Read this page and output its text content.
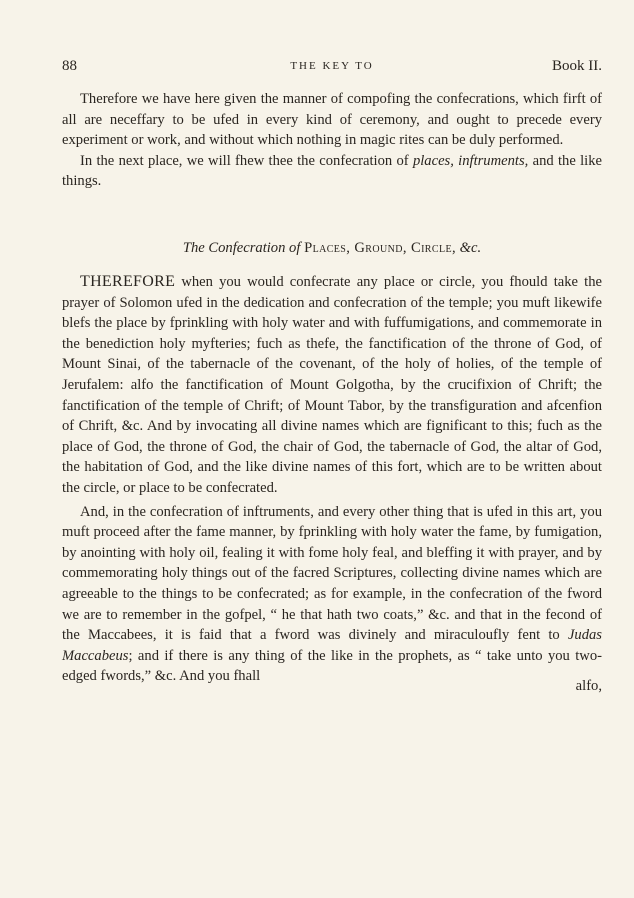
88	THE KEY TO	Book II.

Therefore we have here given the manner of compofing the confecrations, which firft of all are neceffary to be ufed in every kind of ceremony, and ought to precede every experiment or work, and without which nothing in magic rites can be duly performed.

In the next place, we will fhew thee the confecration of places, inftruments, and the like things.

The Confecration of Places, Ground, Circle, &c.

THEREFORE when you would confecrate any place or circle, you fhould take the prayer of Solomon ufed in the dedication and confecration of the temple; you muft likewife blefs the place by fprinkling with holy water and with fuffumigations, and commemorate in the benediction holy myfteries; fuch as thefe, the fanctification of the throne of God, of Mount Sinai, of the tabernacle of the covenant, of the holy of holies, of the temple of Jerufalem: alfo the fanctification of Mount Golgotha, by the crucifixion of Chrift; the fanctification of the temple of Chrift; of Mount Tabor, by the transfiguration and afcenfion of Chrift, &c. And by invocating all divine names which are fignificant to this; fuch as the place of God, the throne of God, the chair of God, the tabernacle of God, the altar of God, the habitation of God, and the like divine names of this fort, which are to be written about the circle, or place to be confecrated.

And, in the confecration of inftruments, and every other thing that is ufed in this art, you muft proceed after the fame manner, by fprinkling with holy water the fame, by fumigation, by anointing with holy oil, fealing it with fome holy feal, and bleffing it with prayer, and by commemorating holy things out of the facred Scriptures, collecting divine names which are agreeable to the things to be confecrated; as for example, in the confecration of the fword we are to remember in the gofpel, “ he that hath two coats,” &c. and that in the fecond of the Maccabees, it is faid that a fword was divinely and miraculoufly fent to Judas Maccabeus; and if there is any thing of the like in the prophets, as “ take unto you two-edged fwords,” &c. And you fhall

alfo,
